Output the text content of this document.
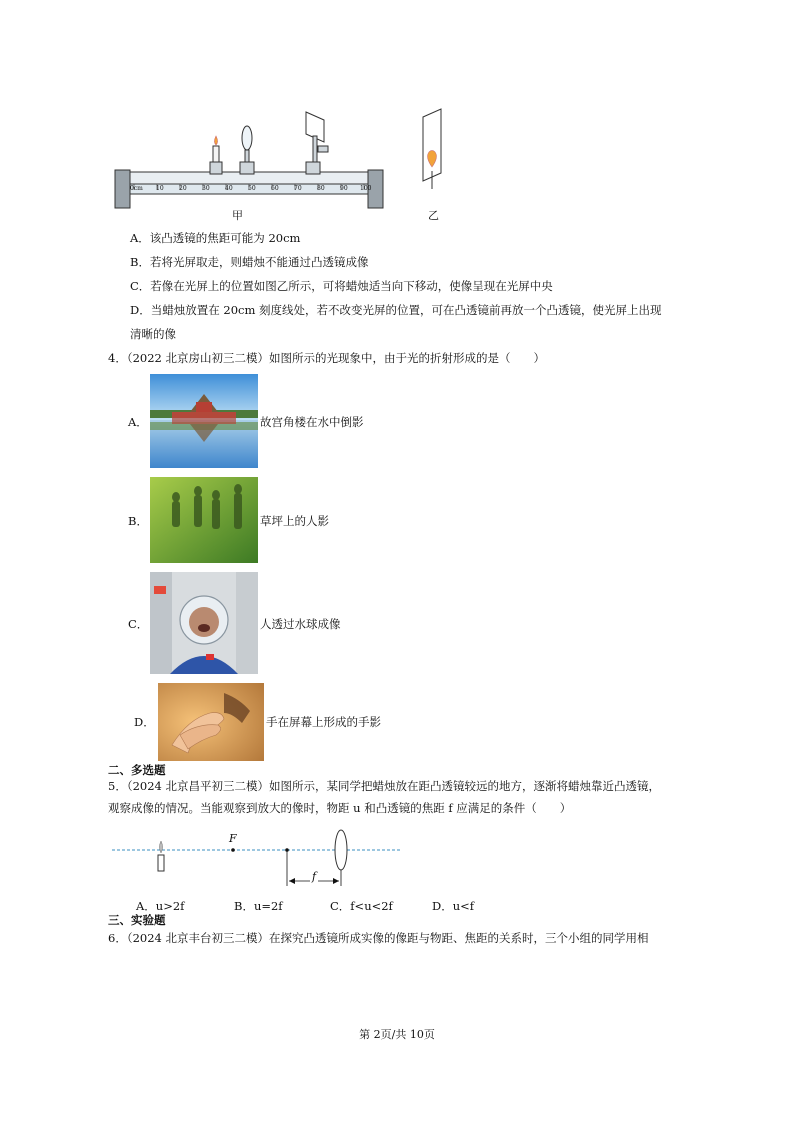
0cm 10	20	30	40	50	60	70	80	90 100
甲	乙
A．该凸透镜的焦距可能为 20cm
B．若将光屏取走，则蜡烛不能通过凸透镜成像
C．若像在光屏上的位置如图乙所示，可将蜡烛适当向下移动，使像呈现在光屏中央
D．当蜡烛放置在 20cm 刻度线处，若不改变光屏的位置，可在凸透镜前再放一个凸透镜，使光屏上出现
清晰的像
4．（2022 北京房山初三二模）如图所示的光现象中，由于光的折射形成的是（　　）
A．	故宫角楼在水中倒影
B．	草坪上的人影
C．	人透过水球成像
D．	手在屏幕上形成的手影
二、多选题
5．（2024 北京昌平初三二模）如图所示，某同学把蜡烛放在距凸透镜较远的地方，逐渐将蜡烛靠近凸透镜，
观察成像的情况。当能观察到放大的像时，物距 u 和凸透镜的焦距 f 应满足的条件（　　）
F
f
A．u>2f	B．u=2f	C．f<u<2f	D．u<f
三、实验题
6．（2024 北京丰台初三二模）在探究凸透镜所成实像的像距与物距、焦距的关系时，三个小组的同学用相
第 2页/共 10页
